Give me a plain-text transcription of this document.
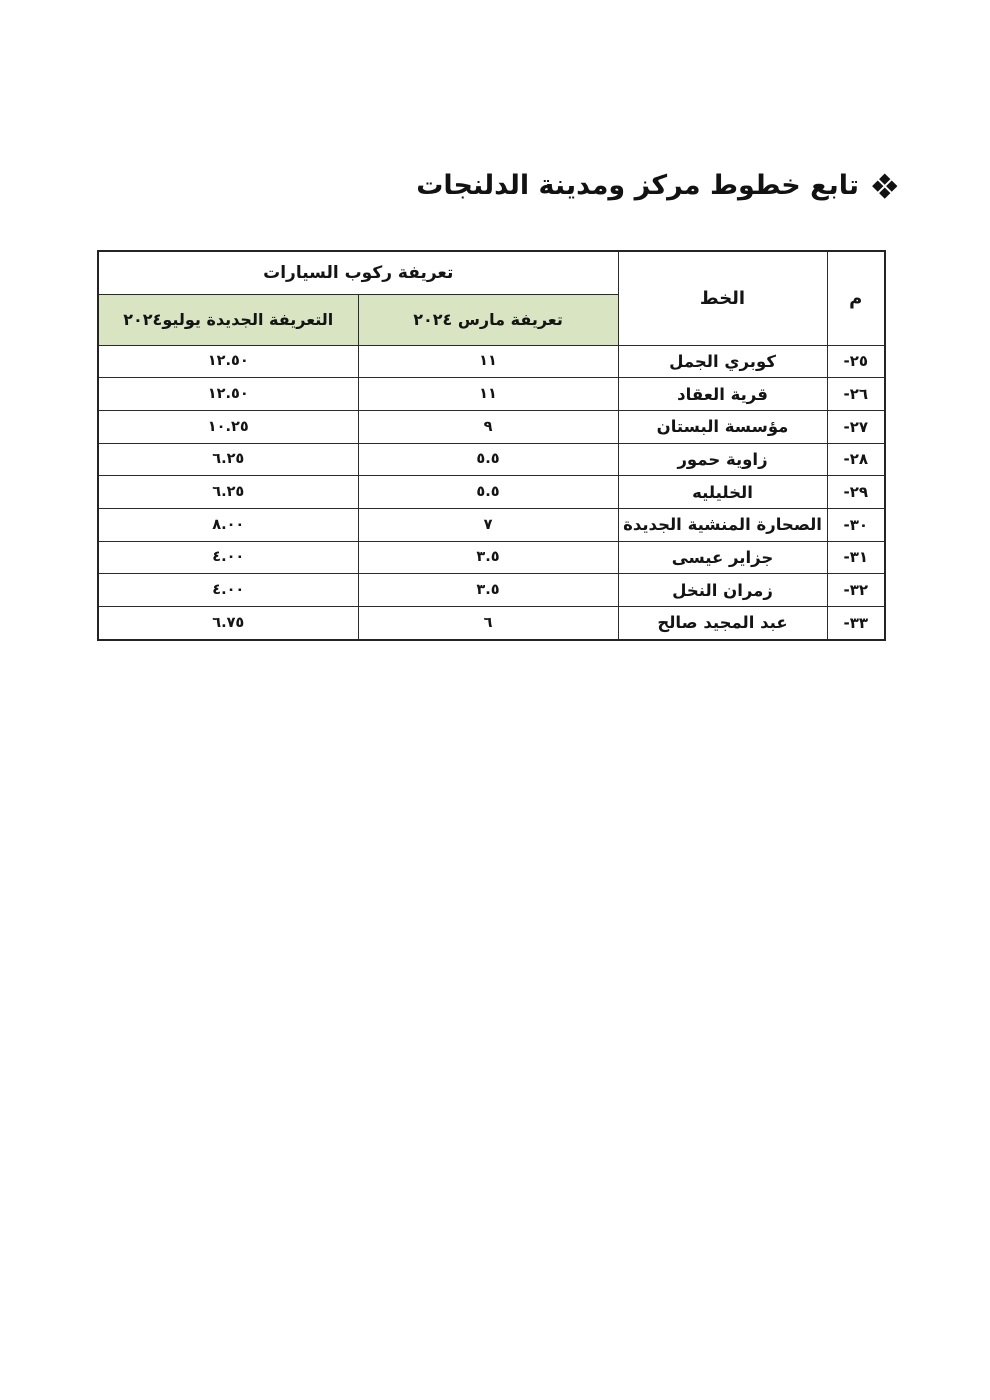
تابع خطوط مركز ومدينة الدلنجات
م	الخط	تعريفة ركوب السيارات	
		تعريفة مارس ٢٠٢٤	التعريفة الجديدة يوليو٢٠٢٤
٢٥-	كوبري الجمل	١١	١٢.٥٠
٢٦-	قرية العقاد	١١	١٢.٥٠
٢٧-	مؤسسة البستان	٩	١٠.٢٥
٢٨-	زاوية حمور	٥.٥	٦.٢٥
٢٩-	الخليليه	٥.٥	٦.٢٥
٣٠-	الصحارة المنشية الجديدة	٧	٨.٠٠
٣١-	جزاير عيسى	٣.٥	٤.٠٠
٣٢-	زمران النخل	٣.٥	٤.٠٠
٣٣-	عبد المجيد صالح	٦	٦.٧٥
